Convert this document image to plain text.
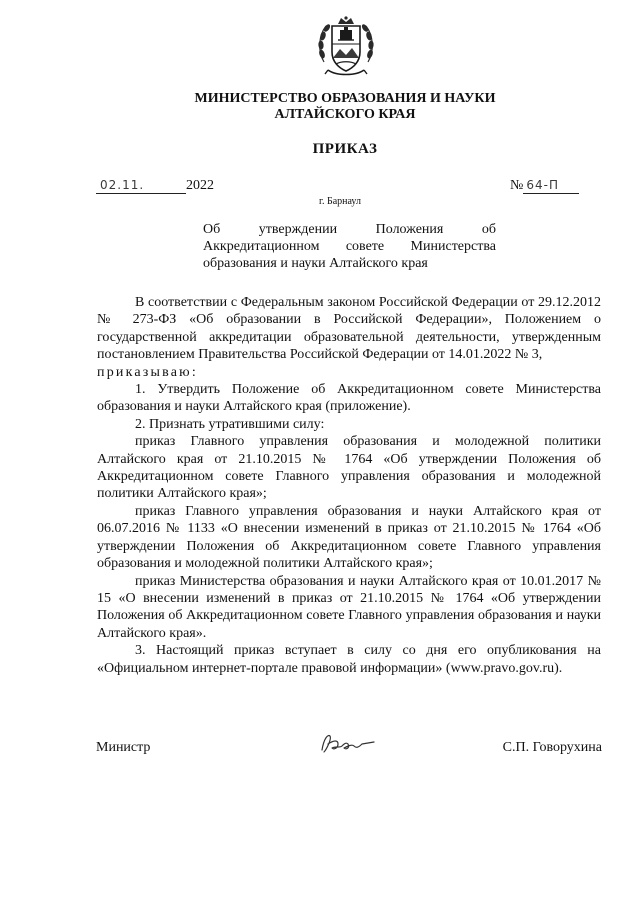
МИНИСТЕРСТВО ОБРАЗОВАНИЯ И НАУКИ
АЛТАЙСКОГО КРАЯ
ПРИКАЗ
02.11.	2022	№ 64-П
г. Барнаул
Об утверждении Положения об Аккредитационном совете Министерства образования и науки Алтайского края

В соответствии с Федеральным законом Российской Федерации от 29.12.2012 № 273-ФЗ «Об образовании в Российской Федерации», Положением о государственной аккредитации образовательной деятельности, утвержденным постановлением Правительства Российской Федерации от 14.01.2022 № 3,

приказываю:

1. Утвердить Положение об Аккредитационном совете Министерства образования и науки Алтайского края (приложение).

2. Признать утратившими силу:

приказ Главного управления образования и молодежной политики Алтайского края от 21.10.2015 № 1764 «Об утверждении Положения об Аккредитационном совете Главного управления образования и молодежной политики Алтайского края»;

приказ Главного управления образования и науки Алтайского края от 06.07.2016 № 1133 «О внесении изменений в приказ от 21.10.2015 № 1764 «Об утверждении Положения об Аккредитационном совете Главного управления образования и молодежной политики Алтайского края»;

приказ Министерства образования и науки Алтайского края от 10.01.2017 № 15 «О внесении изменений в приказ от 21.10.2015 № 1764 «Об утверждении Положения об Аккредитационном совете Главного управления образования и науки Алтайского края».

3. Настоящий приказ вступает в силу со дня его опубликования на «Официальном интернет-портале правовой информации» (www.pravo.gov.ru).

Министр	С.П. Говорухина
